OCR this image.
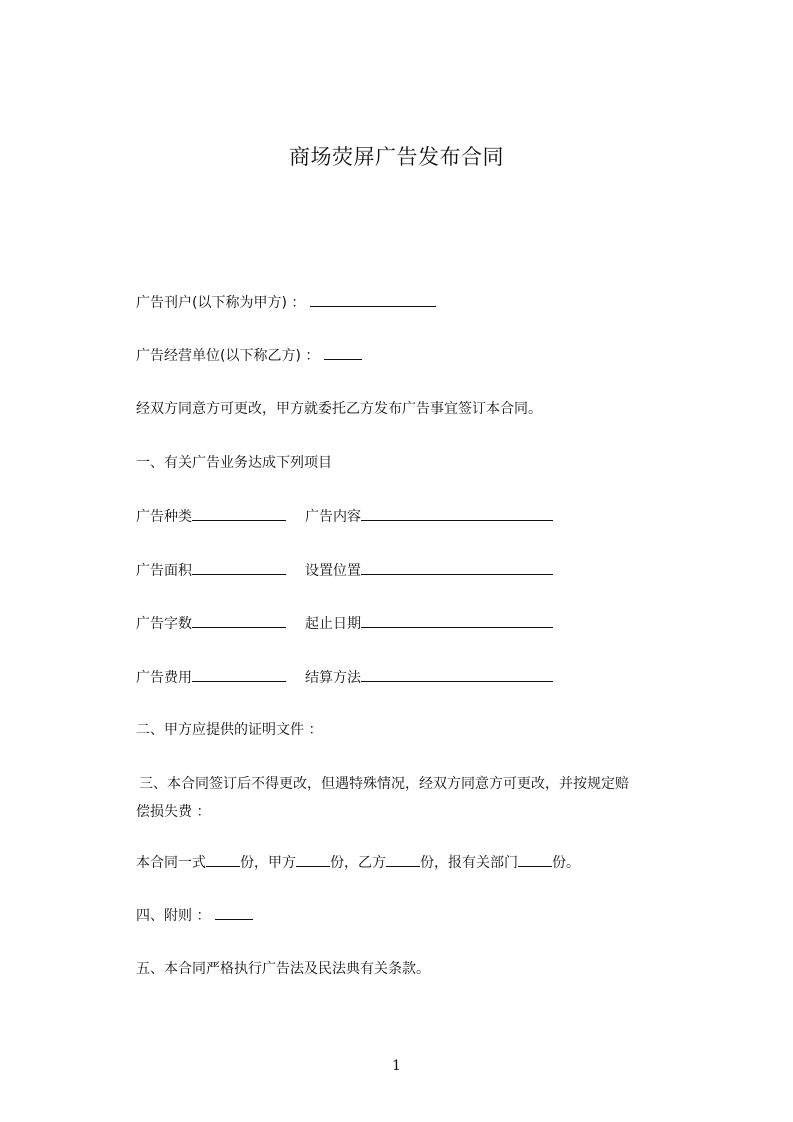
商场荧屏广告发布合同
广告刊户(以下称为甲方) ：
广告经营单位(以下称乙方) ：
经双方同意方可更改，甲方就委托乙方发布广告事宜签订本合同。
一、有关广告业务达成下列项目
广告种类	广告内容
广告面积	设置位置
广告字数	起止日期
广告费用	结算方法
二、甲方应提供的证明文件 ：
三、本合同签订后不得更改，但遇特殊情况，经双方同意方可更改，并按规定赔
偿损失费 ：
本合同一式 份，甲方 份，乙方 份，报有关部门 份。
四、附则 ：
五、本合同严格执行广告法及民法典有关条款。
1
